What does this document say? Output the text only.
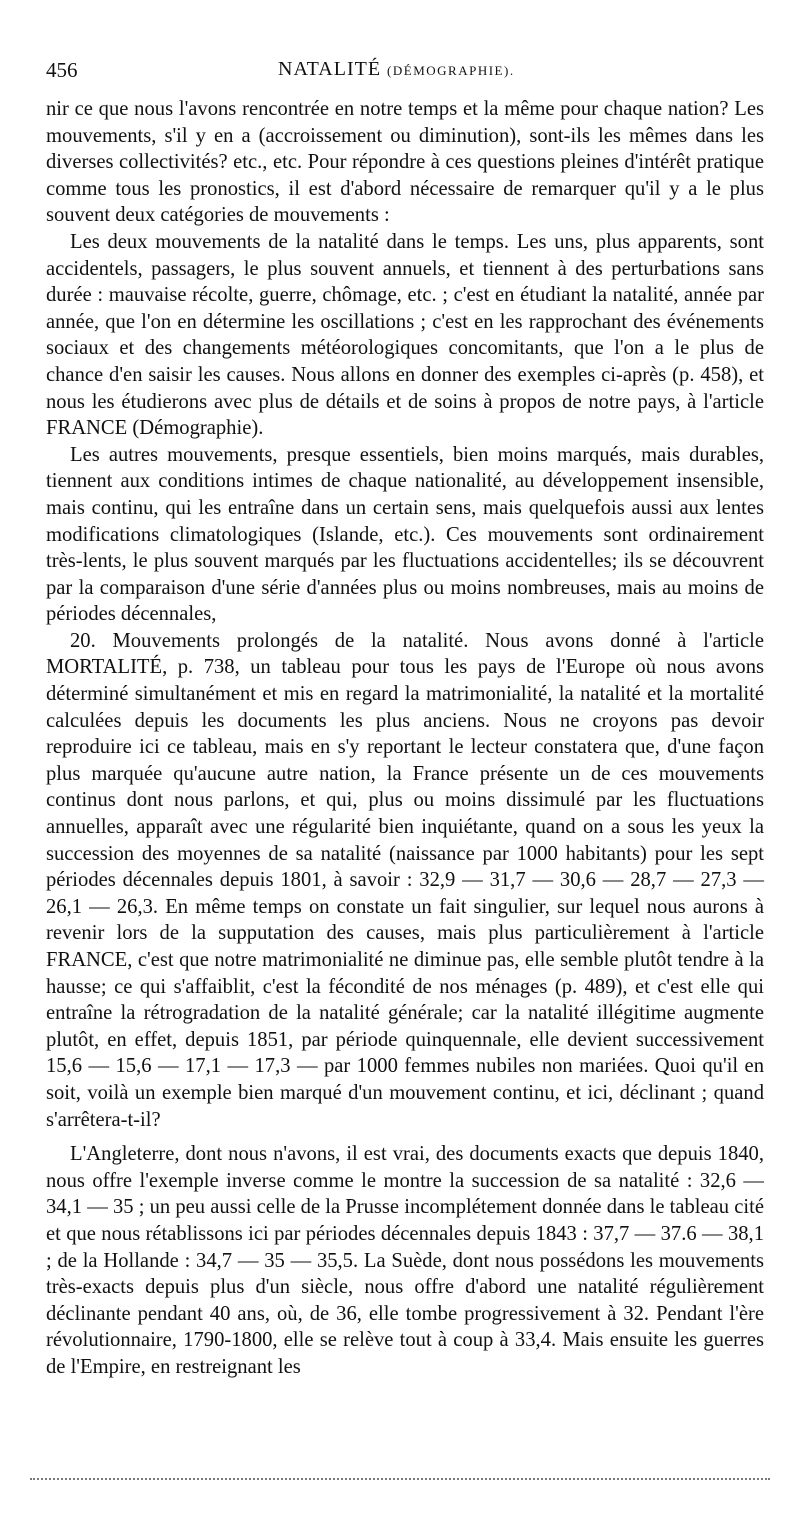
456	NATALITÉ (DÉMOGRAPHIE).

nir ce que nous l'avons rencontrée en notre temps et la même pour chaque nation? Les mouvements, s'il y en a (accroissement ou diminution), sont-ils les mêmes dans les diverses collectivités? etc., etc. Pour répondre à ces questions pleines d'intérêt pratique comme tous les pronostics, il est d'abord nécessaire de remarquer qu'il y a le plus souvent deux catégories de mouvements :

Les deux mouvements de la natalité dans le temps. Les uns, plus apparents, sont accidentels, passagers, le plus souvent annuels, et tiennent à des perturbations sans durée : mauvaise récolte, guerre, chômage, etc. ; c'est en étudiant la natalité, année par année, que l'on en détermine les oscillations ; c'est en les rapprochant des événements sociaux et des changements météorologiques concomitants, que l'on a le plus de chance d'en saisir les causes. Nous allons en donner des exemples ci-après (p. 458), et nous les étudierons avec plus de détails et de soins à propos de notre pays, à l'article FRANCE (Démographie).

Les autres mouvements, presque essentiels, bien moins marqués, mais durables, tiennent aux conditions intimes de chaque nationalité, au développement insensible, mais continu, qui les entraîne dans un certain sens, mais quelquefois aussi aux lentes modifications climatologiques (Islande, etc.). Ces mouvements sont ordinairement très-lents, le plus souvent marqués par les fluctuations accidentelles; ils se découvrent par la comparaison d'une série d'années plus ou moins nombreuses, mais au moins de périodes décennales,

20. Mouvements prolongés de la natalité. Nous avons donné à l'article MORTALITÉ, p. 738, un tableau pour tous les pays de l'Europe où nous avons déterminé simultanément et mis en regard la matrimonialité, la natalité et la mortalité calculées depuis les documents les plus anciens. Nous ne croyons pas devoir reproduire ici ce tableau, mais en s'y reportant le lecteur constatera que, d'une façon plus marquée qu'aucune autre nation, la France présente un de ces mouvements continus dont nous parlons, et qui, plus ou moins dissimulé par les fluctuations annuelles, apparaît avec une régularité bien inquiétante, quand on a sous les yeux la succession des moyennes de sa natalité (naissance par 1000 habitants) pour les sept périodes décennales depuis 1801, à savoir : 32,9 — 31,7 — 30,6 — 28,7 — 27,3 — 26,1 — 26,3. En même temps on constate un fait singulier, sur lequel nous aurons à revenir lors de la supputation des causes, mais plus particulièrement à l'article FRANCE, c'est que notre matrimonialité ne diminue pas, elle semble plutôt tendre à la hausse; ce qui s'affaiblit, c'est la fécondité de nos ménages (p. 489), et c'est elle qui entraîne la rétrogradation de la natalité générale; car la natalité illégitime augmente plutôt, en effet, depuis 1851, par période quinquennale, elle devient successivement 15,6 — 15,6 — 17,1 — 17,3 — par 1000 femmes nubiles non mariées. Quoi qu'il en soit, voilà un exemple bien marqué d'un mouvement continu, et ici, déclinant ; quand s'arrêtera-t-il?

L'Angleterre, dont nous n'avons, il est vrai, des documents exacts que depuis 1840, nous offre l'exemple inverse comme le montre la succession de sa natalité : 32,6 — 34,1 — 35 ; un peu aussi celle de la Prusse incomplétement donnée dans le tableau cité et que nous rétablissons ici par périodes décennales depuis 1843 : 37,7 — 37.6 — 38,1 ; de la Hollande : 34,7 — 35 — 35,5. La Suède, dont nous possédons les mouvements très-exacts depuis plus d'un siècle, nous offre d'abord une natalité régulièrement déclinante pendant 40 ans, où, de 36, elle tombe progressivement à 32. Pendant l'ère révolutionnaire, 1790-1800, elle se relève tout à coup à 33,4. Mais ensuite les guerres de l'Empire, en restreignant les
